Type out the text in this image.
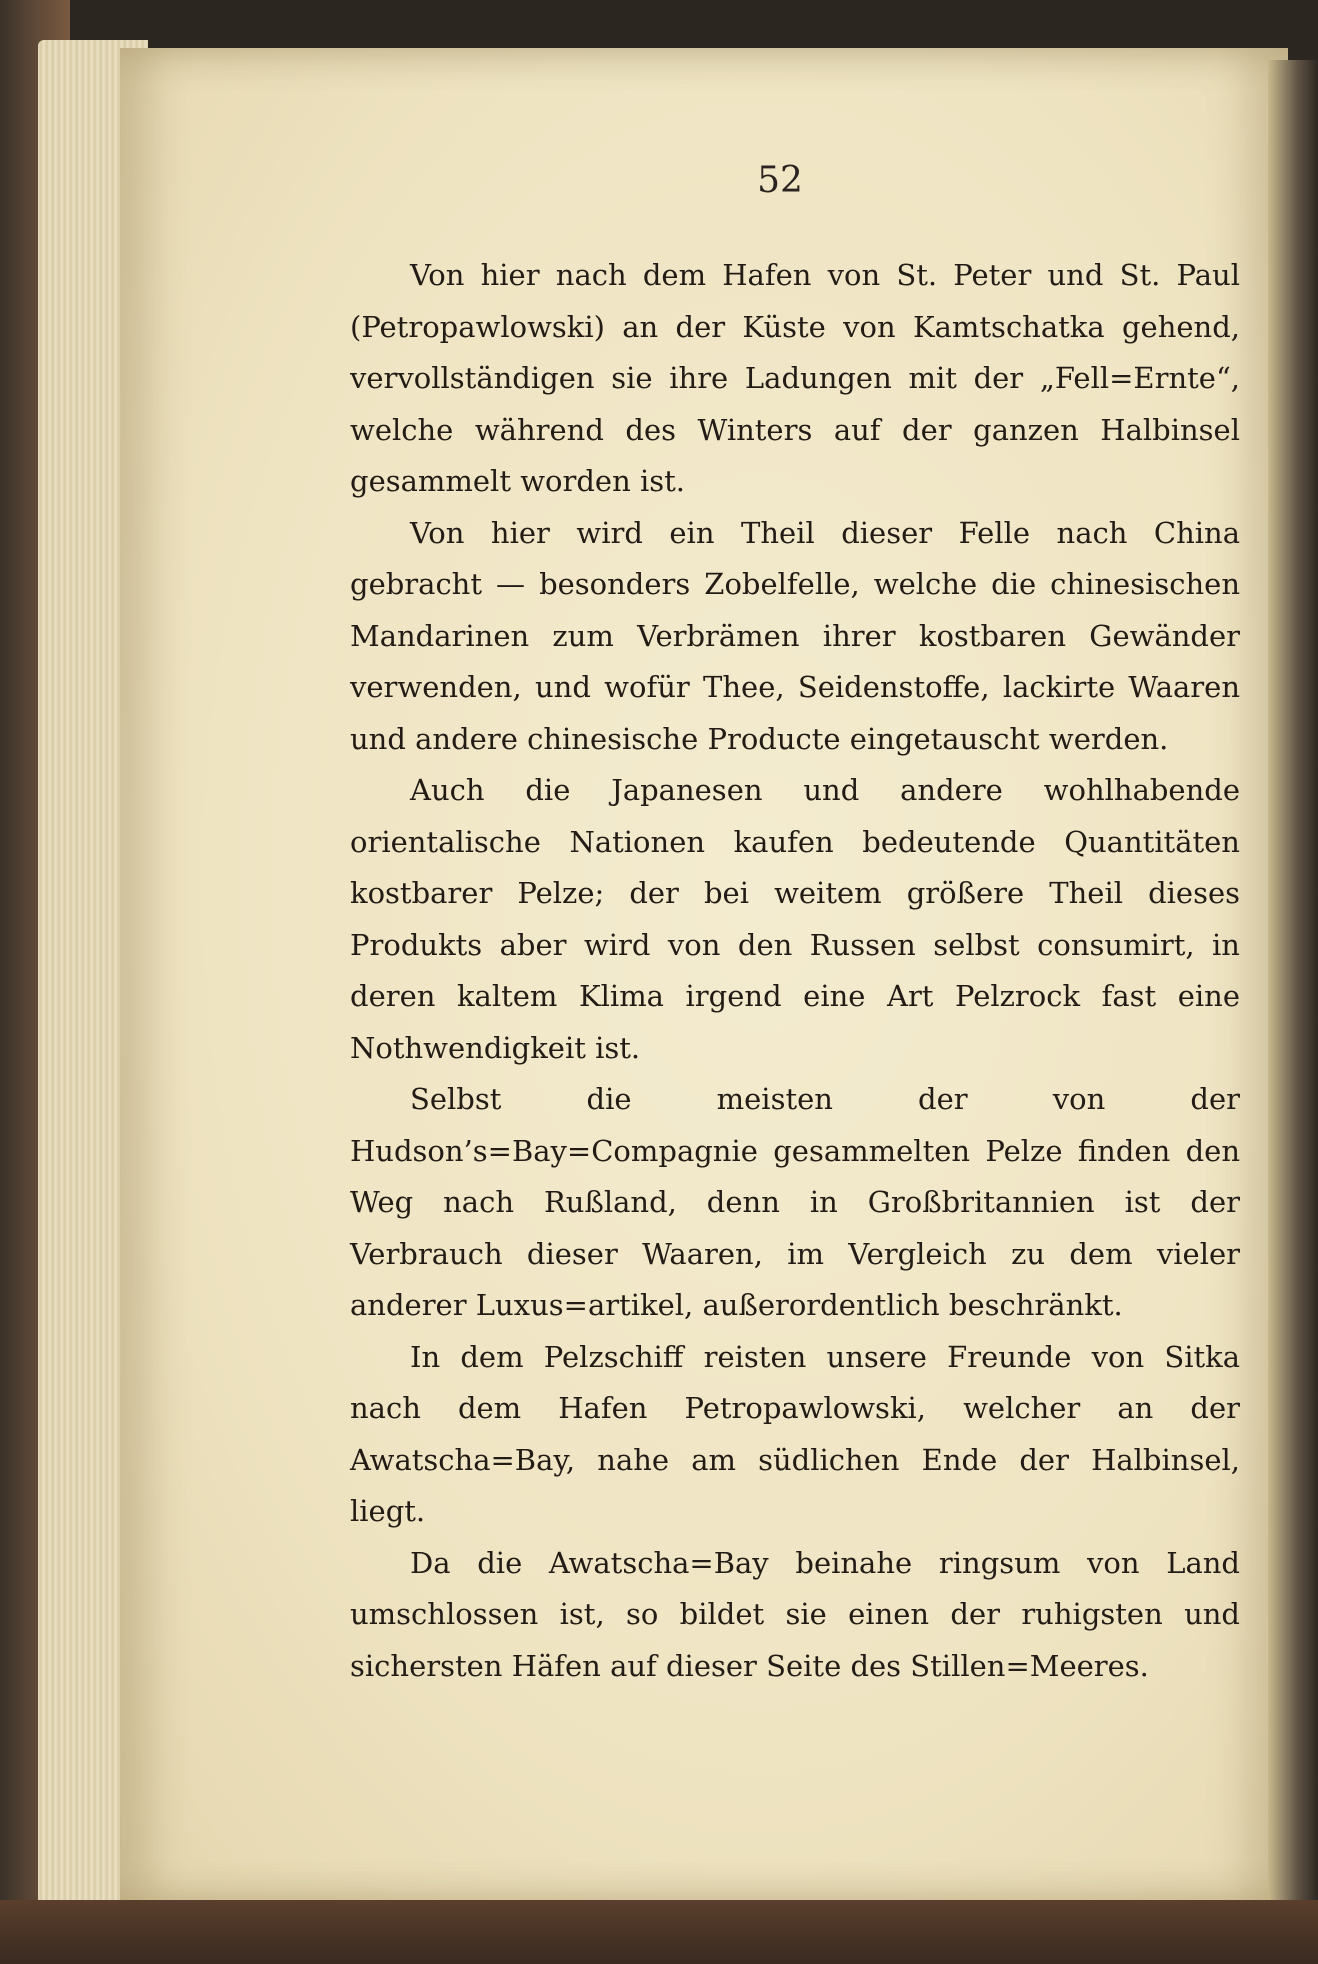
52

Von hier nach dem Hafen von St. Peter und St. Paul (Petropawlowski) an der Küste von Kamtschatka gehend, vervollständigen sie ihre Ladungen mit der „Fell=Ernte“, welche während des Winters auf der ganzen Halbinsel gesammelt worden ist.

Von hier wird ein Theil dieser Felle nach China gebracht — besonders Zobelfelle, welche die chinesischen Mandarinen zum Verbrämen ihrer kostbaren Gewänder verwenden, und wofür Thee, Seidenstoffe, lackirte Waaren und andere chinesische Producte eingetauscht werden.

Auch die Japanesen und andere wohlhabende orientalische Nationen kaufen bedeutende Quantitäten kostbarer Pelze; der bei weitem größere Theil dieses Produkts aber wird von den Russen selbst consumirt, in deren kaltem Klima irgend eine Art Pelzrock fast eine Nothwendigkeit ist.

Selbst die meisten der von der Hudson’s=Bay=Compagnie gesammelten Pelze finden den Weg nach Rußland, denn in Großbritannien ist der Verbrauch dieser Waaren, im Vergleich zu dem vieler anderer Luxus=artikel, außerordentlich beschränkt.

In dem Pelzschiff reisten unsere Freunde von Sitka nach dem Hafen Petropawlowski, welcher an der Awatscha=Bay, nahe am südlichen Ende der Halbinsel, liegt.

Da die Awatscha=Bay beinahe ringsum von Land umschlossen ist, so bildet sie einen der ruhigsten und sichersten Häfen auf dieser Seite des Stillen=Meeres.
